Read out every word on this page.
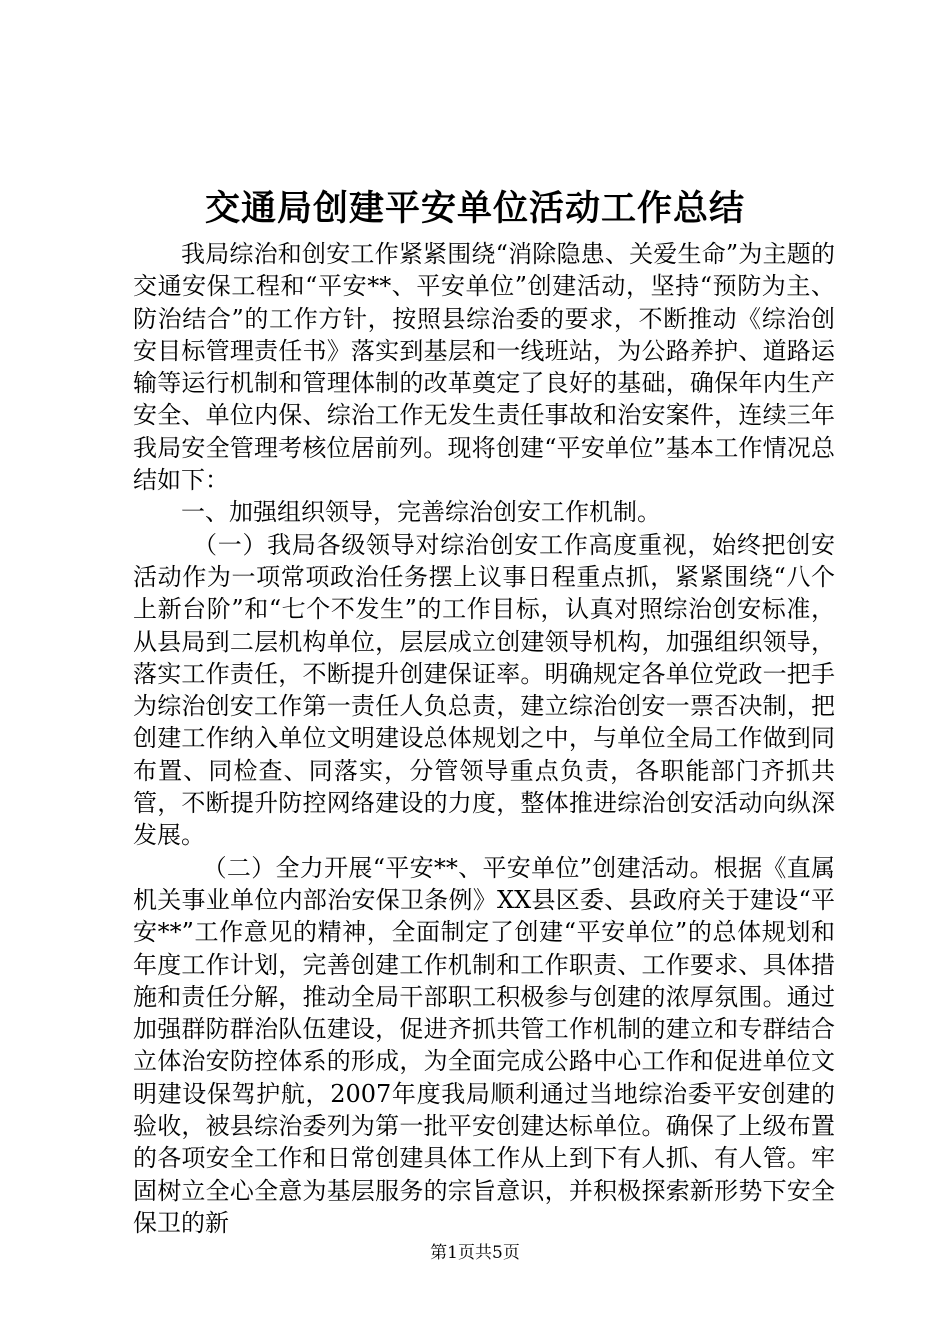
交通局创建平安单位活动工作总结

我局综治和创安工作紧紧围绕“消除隐患、关爱生命”为主题的交通安保工程和“平安**、平安单位”创建活动，坚持“预防为主、防治结合”的工作方针，按照县综治委的要求，不断推动《综治创安目标管理责任书》落实到基层和一线班站，为公路养护、道路运输等运行机制和管理体制的改革奠定了良好的基础，确保年内生产安全、单位内保、综治工作无发生责任事故和治安案件，连续三年我局安全管理考核位居前列。现将创建“平安单位”基本工作情况总结如下：

一、加强组织领导，完善综治创安工作机制。

（一）我局各级领导对综治创安工作高度重视，始终把创安活动作为一项常项政治任务摆上议事日程重点抓，紧紧围绕“八个上新台阶”和“七个不发生”的工作目标，认真对照综治创安标准，从县局到二层机构单位，层层成立创建领导机构，加强组织领导，落实工作责任，不断提升创建保证率。明确规定各单位党政一把手为综治创安工作第一责任人负总责，建立综治创安一票否决制，把创建工作纳入单位文明建设总体规划之中，与单位全局工作做到同布置、同检查、同落实，分管领导重点负责，各职能部门齐抓共管，不断提升防控网络建设的力度，整体推进综治创安活动向纵深发展。

（二）全力开展“平安**、平安单位”创建活动。根据《直属机关事业单位内部治安保卫条例》XX县区委、县政府关于建设“平安**”工作意见的精神，全面制定了创建“平安单位”的总体规划和年度工作计划，完善创建工作机制和工作职责、工作要求、具体措施和责任分解，推动全局干部职工积极参与创建的浓厚氛围。通过加强群防群治队伍建设，促进齐抓共管工作机制的建立和专群结合立体治安防控体系的形成，为全面完成公路中心工作和促进单位文明建设保驾护航，2007年度我局顺利通过当地综治委平安创建的验收，被县综治委列为第一批平安创建达标单位。确保了上级布置的各项安全工作和日常创建具体工作从上到下有人抓、有人管。牢固树立全心全意为基层服务的宗旨意识，并积极探索新形势下安全保卫的新

第1页共5页
